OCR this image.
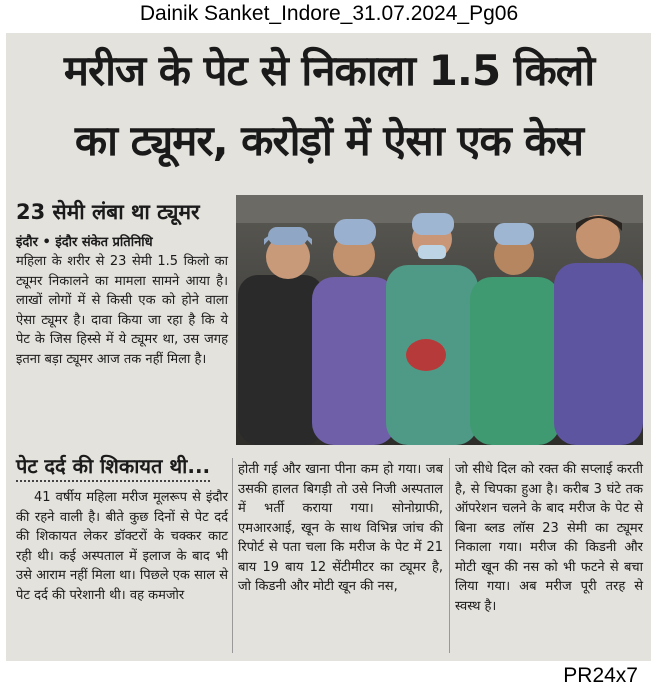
Dainik Sanket_Indore_31.07.2024_Pg06
मरीज के पेट से निकाला 1.5 किलो
का ट्यूमर, करोड़ों में ऐसा एक केस
23 सेमी लंबा था ट्यूमर
इंदौर • इंदौर संकेत प्रतिनिधि
महिला के शरीर से 23 सेमी 1.5 किलो का ट्यूमर निकालने का मामला सामने आया है। लाखों लोगों में से किसी एक को होने वाला ऐसा ट्यूमर है। दावा किया जा रहा है कि ये पेट के जिस हिस्से में ये ट्यूमर था, उस जगह इतना बड़ा ट्यूमर आज तक नहीं मिला है।
पेट दर्द की शिकायत थी...
41 वर्षीय महिला मरीज मूलरूप से इंदौर की रहने वाली है। बीते कुछ दिनों से पेट दर्द की शिकायत लेकर डॉक्टरों के चक्कर काट रही थी। कई अस्पताल में इलाज के बाद भी उसे आराम नहीं मिला था। पिछले एक साल से पेट दर्द की परेशानी थी। वह कमजोर
होती गई और खाना पीना कम हो गया। जब उसकी हालत बिगड़ी तो उसे निजी अस्पताल में भर्ती कराया गया। सोनोग्राफी, एमआरआई, खून के साथ विभिन्न जांच की रिपोर्ट से पता चला कि मरीज के पेट में 21 बाय 19 बाय 12 सेंटीमीटर का ट्यूमर है, जो किडनी और मोटी खून की नस,
जो सीधे दिल को रक्त की सप्लाई करती है, से चिपका हुआ है। करीब 3 घंटे तक ऑपरेशन चलने के बाद मरीज के पेट से बिना ब्लड लॉस 23 सेमी का ट्यूमर निकाला गया। मरीज की किडनी और मोटी खून की नस को भी फटने से बचा लिया गया। अब मरीज पूरी तरह से स्वस्थ है।
PR24x7
